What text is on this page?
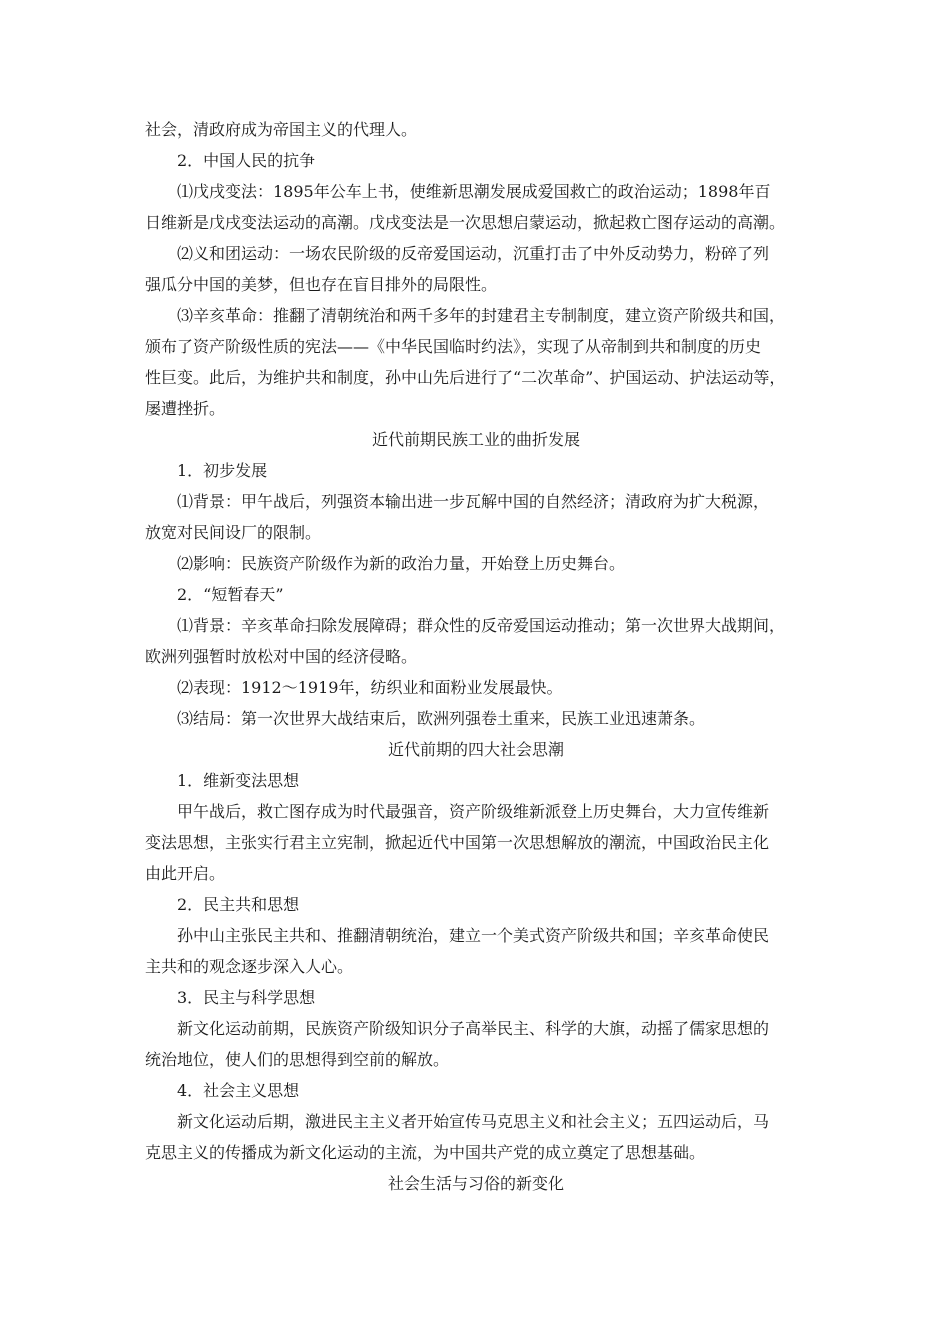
社会，清政府成为帝国主义的代理人。
2．中国人民的抗争
⑴戊戌变法：1895年公车上书，使维新思潮发展成爱国救亡的政治运动；1898年百
日维新是戊戌变法运动的高潮。戊戌变法是一次思想启蒙运动，掀起救亡图存运动的高潮。
⑵义和团运动：一场农民阶级的反帝爱国运动，沉重打击了中外反动势力，粉碎了列
强瓜分中国的美梦，但也存在盲目排外的局限性。
⑶辛亥革命：推翻了清朝统治和两千多年的封建君主专制制度，建立资产阶级共和国，
颁布了资产阶级性质的宪法——《中华民国临时约法》，实现了从帝制到共和制度的历史
性巨变。此后，为维护共和制度，孙中山先后进行了“二次革命”、护国运动、护法运动等，
屡遭挫折。
近代前期民族工业的曲折发展
1．初步发展
⑴背景：甲午战后，列强资本输出进一步瓦解中国的自然经济；清政府为扩大税源，
放宽对民间设厂的限制。
⑵影响：民族资产阶级作为新的政治力量，开始登上历史舞台。
2．“短暂春天”
⑴背景：辛亥革命扫除发展障碍；群众性的反帝爱国运动推动；第一次世界大战期间，
欧洲列强暂时放松对中国的经济侵略。
⑵表现：1912～1919年，纺织业和面粉业发展最快。
⑶结局：第一次世界大战结束后，欧洲列强卷土重来，民族工业迅速萧条。
近代前期的四大社会思潮
1．维新变法思想
甲午战后，救亡图存成为时代最强音，资产阶级维新派登上历史舞台，大力宣传维新
变法思想，主张实行君主立宪制，掀起近代中国第一次思想解放的潮流，中国政治民主化
由此开启。
2．民主共和思想
孙中山主张民主共和、推翻清朝统治，建立一个美式资产阶级共和国；辛亥革命使民
主共和的观念逐步深入人心。
3．民主与科学思想
新文化运动前期，民族资产阶级知识分子高举民主、科学的大旗，动摇了儒家思想的
统治地位，使人们的思想得到空前的解放。
4．社会主义思想
新文化运动后期，激进民主主义者开始宣传马克思主义和社会主义；五四运动后，马
克思主义的传播成为新文化运动的主流，为中国共产党的成立奠定了思想基础。
社会生活与习俗的新变化
